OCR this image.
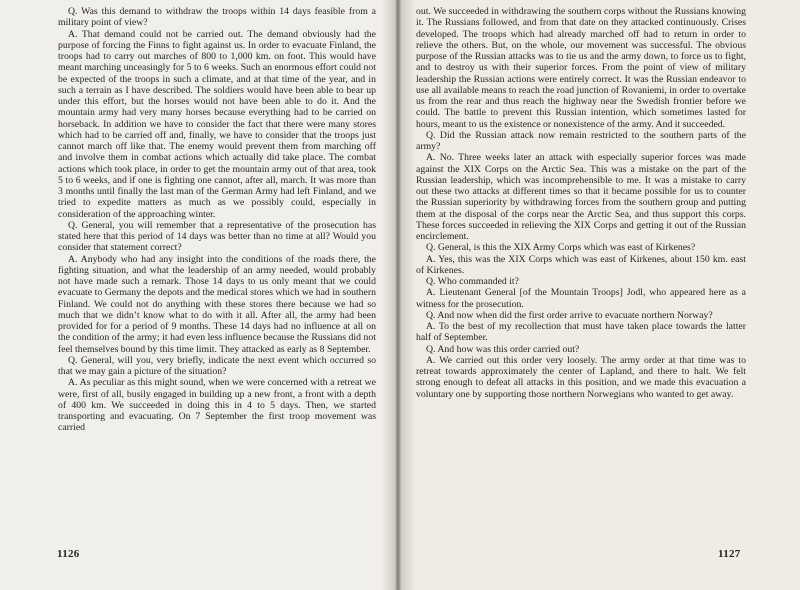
Q. Was this demand to withdraw the troops within 14 days feasible from a military point of view?

A. That demand could not be carried out. The demand obviously had the purpose of forcing the Finns to fight against us. In order to evacuate Finland, the troops had to carry out marches of 800 to 1,000 km. on foot. This would have meant marching unceasingly for 5 to 6 weeks. Such an enormous effort could not be expected of the troops in such a climate, and at that time of the year, and in such a terrain as I have described. The soldiers would have been able to bear up under this effort, but the horses would not have been able to do it. And the mountain army had very many horses because everything had to be carried on horseback. In addition we have to consider the fact that there were many stores which had to be carried off and, finally, we have to consider that the troops just cannot march off like that. The enemy would prevent them from marching off and involve them in combat actions which actually did take place. The combat actions which took place, in order to get the mountain army out of that area, took 5 to 6 weeks, and if one is fighting one cannot, after all, march. It was more than 3 months until finally the last man of the German Army had left Finland, and we tried to expedite matters as much as we possibly could, especially in consideration of the approaching winter.

Q. General, you will remember that a representative of the prosecution has stated here that this period of 14 days was better than no time at all? Would you consider that statement correct?

A. Anybody who had any insight into the conditions of the roads there, the fighting situation, and what the leadership of an army needed, would probably not have made such a remark. Those 14 days to us only meant that we could evacuate to Germany the depots and the medical stores which we had in southern Finland. We could not do anything with these stores there because we had so much that we didn’t know what to do with it all. After all, the army had been provided for for a period of 9 months. These 14 days had no influence at all on the condition of the army; it had even less influence because the Russians did not feel themselves bound by this time limit. They attacked as early as 8 September.

Q. General, will you, very briefly, indicate the next event which occurred so that we may gain a picture of the situation?

A. As peculiar as this might sound, when we were concerned with a retreat we were, first of all, busily engaged in building up a new front, a front with a depth of 400 km. We succeeded in doing this in 4 to 5 days. Then, we started transporting and evacuating. On 7 September the first troop movement was carried

1126

out. We succeeded in withdrawing the southern corps without the Russians knowing it. The Russians followed, and from that date on they attacked continuously. Crises developed. The troops which had already marched off had to return in order to relieve the others. But, on the whole, our movement was successful. The obvious purpose of the Russian attacks was to tie us and the army down, to force us to fight, and to destroy us with their superior forces. From the point of view of military leadership the Russian actions were entirely correct. It was the Russian endeavor to use all available means to reach the road junction of Rovaniemi, in order to overtake us from the rear and thus reach the highway near the Swedish frontier before we could. The battle to prevent this Russian intention, which sometimes lasted for hours, meant to us the existence or nonexistence of the army. And it succeeded.

Q. Did the Russian attack now remain restricted to the southern parts of the army?

A. No. Three weeks later an attack with especially superior forces was made against the XIX Corps on the Arctic Sea. This was a mistake on the part of the Russian leadership, which was incomprehensible to me. It was a mistake to carry out these two attacks at different times so that it became possible for us to counter the Russian superiority by withdrawing forces from the southern group and putting them at the disposal of the corps near the Arctic Sea, and thus support this corps. These forces succeeded in relieving the XIX Corps and getting it out of the Russian encirclement.

Q. General, is this the XIX Army Corps which was east of Kirkenes?

A. Yes, this was the XIX Corps which was east of Kirkenes, about 150 km. east of Kirkenes.

Q. Who commanded it?

A. Lieutenant General [of the Mountain Troops] Jodl, who appeared here as a witness for the prosecution.

Q. And now when did the first order arrive to evacuate northern Norway?

A. To the best of my recollection that must have taken place towards the latter half of September.

Q. And how was this order carried out?

A. We carried out this order very loosely. The army order at that time was to retreat towards approximately the center of Lapland, and there to halt. We felt strong enough to defeat all attacks in this position, and we made this evacuation a voluntary one by supporting those northern Norwegians who wanted to get away.

1127
